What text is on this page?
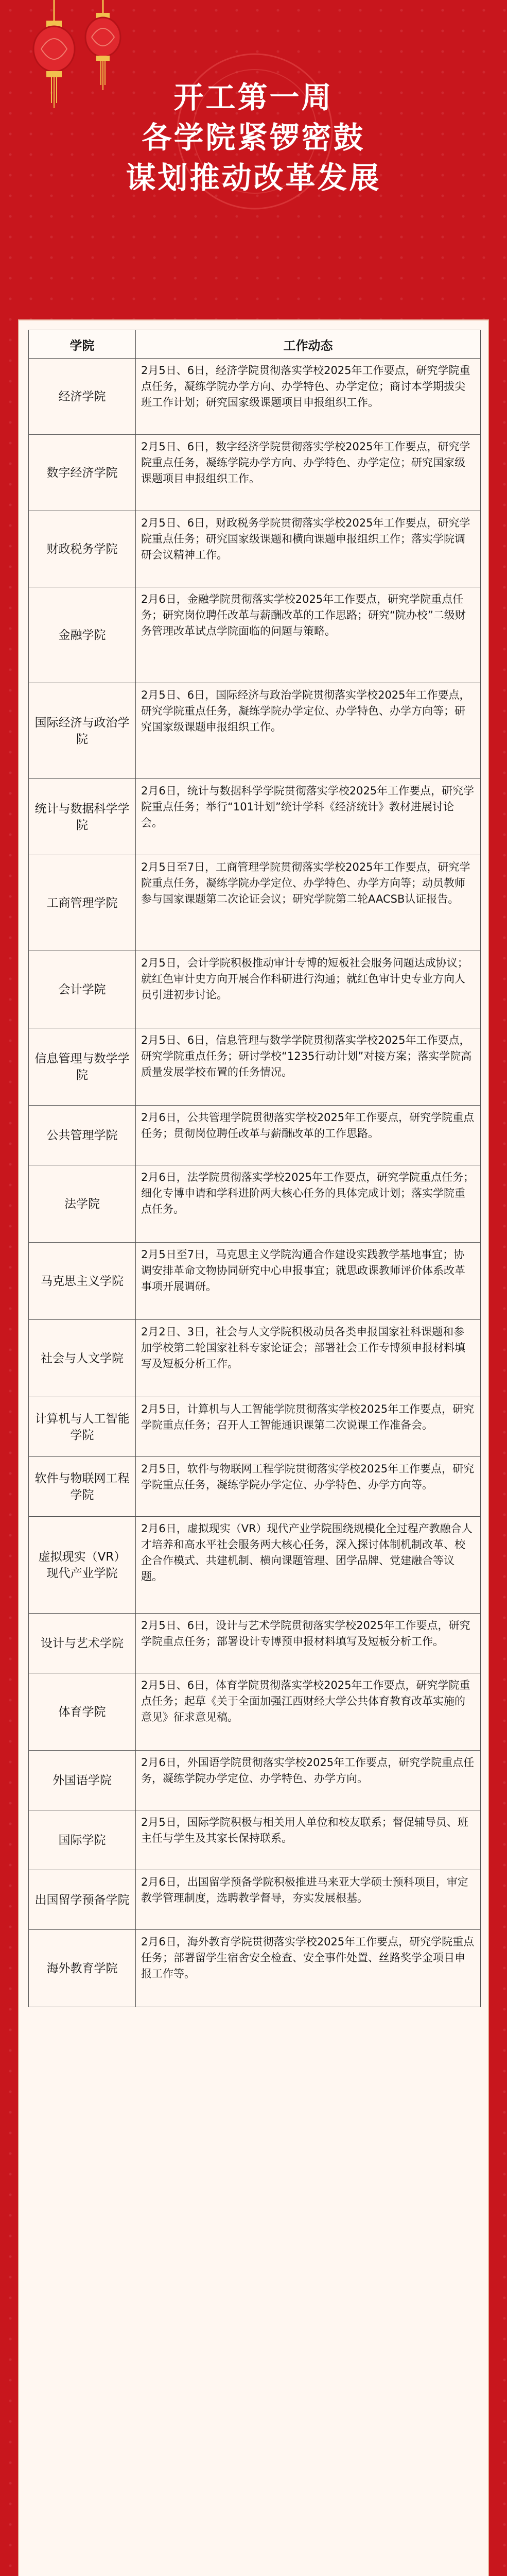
开工第一周
各学院紧锣密鼓
谋划推动改革发展
学院	工作动态
经济学院	2月5日、6日，经济学院贯彻落实学校2025年工作要点，研究学院重点任务，凝练学院办学方向、办学特色、办学定位；商讨本学期拔尖班工作计划；研究国家级课题项目申报组织工作。
数字经济学院	2月5日、6日，数字经济学院贯彻落实学校2025年工作要点，研究学院重点任务，凝练学院办学方向、办学特色、办学定位；研究国家级课题项目申报组织工作。
财政税务学院	2月5日、6日，财政税务学院贯彻落实学校2025年工作要点，研究学院重点任务；研究国家级课题和横向课题申报组织工作；落实学院调研会议精神工作。
金融学院	2月6日，金融学院贯彻落实学校2025年工作要点，研究学院重点任务；研究岗位聘任改革与薪酬改革的工作思路；研究“院办校”二级财务管理改革试点学院面临的问题与策略。
国际经济与政治学院	2月5日、6日，国际经济与政治学院贯彻落实学校2025年工作要点，研究学院重点任务，凝练学院办学定位、办学特色、办学方向等；研究国家级课题申报组织工作。
统计与数据科学学院	2月6日，统计与数据科学学院贯彻落实学校2025年工作要点，研究学院重点任务；举行“101计划”统计学科《经济统计》教材进展讨论会。
工商管理学院	2月5日至7日，工商管理学院贯彻落实学校2025年工作要点，研究学院重点任务，凝练学院办学定位、办学特色、办学方向等；动员教师参与国家课题第二次论证会议；研究学院第二轮AACSB认证报告。
会计学院	2月5日，会计学院积极推动审计专博的短板社会服务问题达成协议；就红色审计史方向开展合作科研进行沟通；就红色审计史专业方向人员引进初步讨论。
信息管理与数学学院	2月5日、6日，信息管理与数学学院贯彻落实学校2025年工作要点，研究学院重点任务；研讨学校“1235行动计划”对接方案；落实学院高质量发展学校布置的任务情况。
公共管理学院	2月6日，公共管理学院贯彻落实学校2025年工作要点，研究学院重点任务；贯彻岗位聘任改革与薪酬改革的工作思路。
法学院	2月6日，法学院贯彻落实学校2025年工作要点，研究学院重点任务；细化专博申请和学科进阶两大核心任务的具体完成计划；落实学院重点任务。
马克思主义学院	2月5日至7日，马克思主义学院沟通合作建设实践教学基地事宜；协调安排革命文物协同研究中心申报事宜；就思政课教师评价体系改革事项开展调研。
社会与人文学院	2月2日、3日，社会与人文学院积极动员各类申报国家社科课题和参加学校第二轮国家社科专家论证会；部署社会工作专博须申报材料填写及短板分析工作。
计算机与人工智能学院	2月5日，计算机与人工智能学院贯彻落实学校2025年工作要点，研究学院重点任务；召开人工智能通识课第二次说课工作准备会。
软件与物联网工程学院	2月5日，软件与物联网工程学院贯彻落实学校2025年工作要点，研究学院重点任务，凝练学院办学定位、办学特色、办学方向等。
虚拟现实（VR）现代产业学院	2月6日，虚拟现实（VR）现代产业学院围绕规模化全过程产教融合人才培养和高水平社会服务两大核心任务，深入探讨体制机制改革、校企合作模式、共建机制、横向课题管理、团学品牌、党建融合等议题。
设计与艺术学院	2月5日、6日，设计与艺术学院贯彻落实学校2025年工作要点，研究学院重点任务；部署设计专博预申报材料填写及短板分析工作。
体育学院	2月5日、6日，体育学院贯彻落实学校2025年工作要点，研究学院重点任务；起草《关于全面加强江西财经大学公共体育教育改革实施的意见》征求意见稿。
外国语学院	2月6日，外国语学院贯彻落实学校2025年工作要点，研究学院重点任务，凝练学院办学定位、办学特色、办学方向。
国际学院	2月5日，国际学院积极与相关用人单位和校友联系；督促辅导员、班主任与学生及其家长保持联系。
出国留学预备学院	2月6日，出国留学预备学院积极推进马来亚大学硕士预科项目，审定教学管理制度，选聘教学督导，夯实发展根基。
海外教育学院	2月6日，海外教育学院贯彻落实学校2025年工作要点，研究学院重点任务；部署留学生宿舍安全检查、安全事件处置、丝路奖学金项目申报工作等。
